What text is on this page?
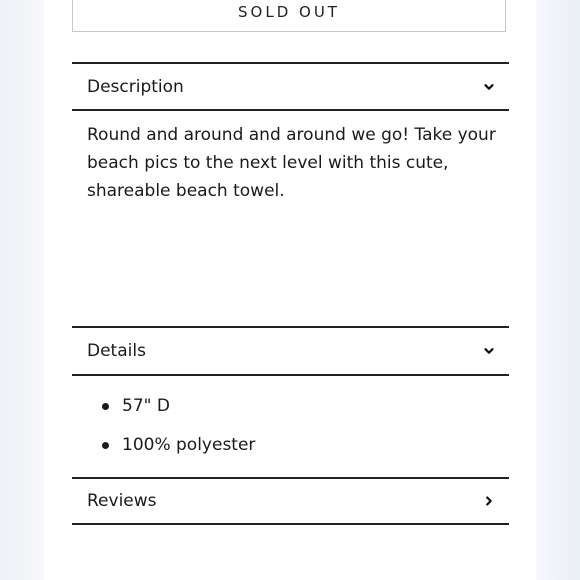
SOLD OUT
Description
Round and around and around we go! Take your beach pics to the next level with this cute, shareable beach towel.
Details
57" D
100% polyester
Reviews
